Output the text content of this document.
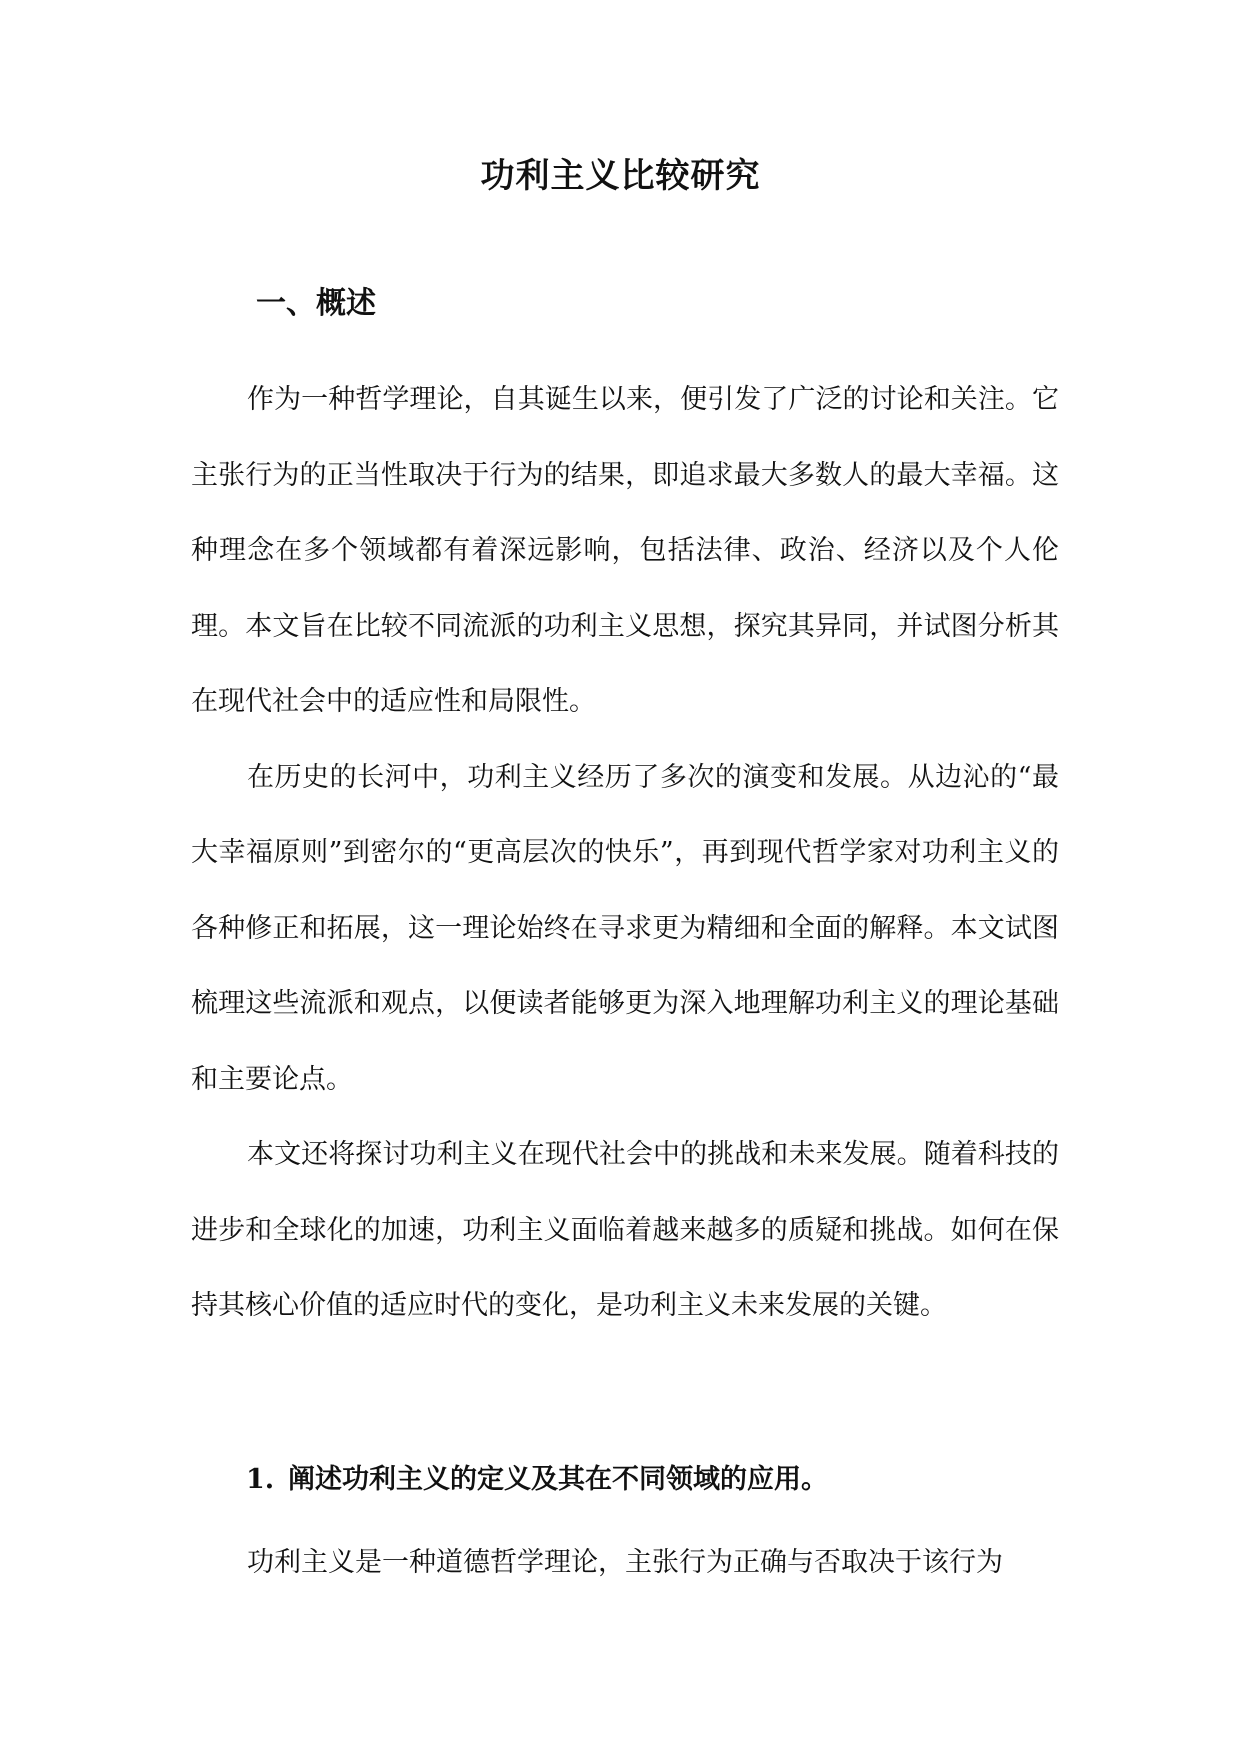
功利主义比较研究
一、概述

作为一种哲学理论，自其诞生以来，便引发了广泛的讨论和关注。它主张行为的正当性取决于行为的结果，即追求最大多数人的最大幸福。这种理念在多个领域都有着深远影响，包括法律、政治、经济以及个人伦理。本文旨在比较不同流派的功利主义思想，探究其异同，并试图分析其在现代社会中的适应性和局限性。

在历史的长河中，功利主义经历了多次的演变和发展。从边沁的“最大幸福原则”到密尔的“更高层次的快乐”，再到现代哲学家对功利主义的各种修正和拓展，这一理论始终在寻求更为精细和全面的解释。本文试图梳理这些流派和观点，以便读者能够更为深入地理解功利主义的理论基础和主要论点。

本文还将探讨功利主义在现代社会中的挑战和未来发展。随着科技的进步和全球化的加速，功利主义面临着越来越多的质疑和挑战。如何在保持其核心价值的适应时代的变化，是功利主义未来发展的关键。

1. 阐述功利主义的定义及其在不同领域的应用。

功利主义是一种道德哲学理论，主张行为正确与否取决于该行为
